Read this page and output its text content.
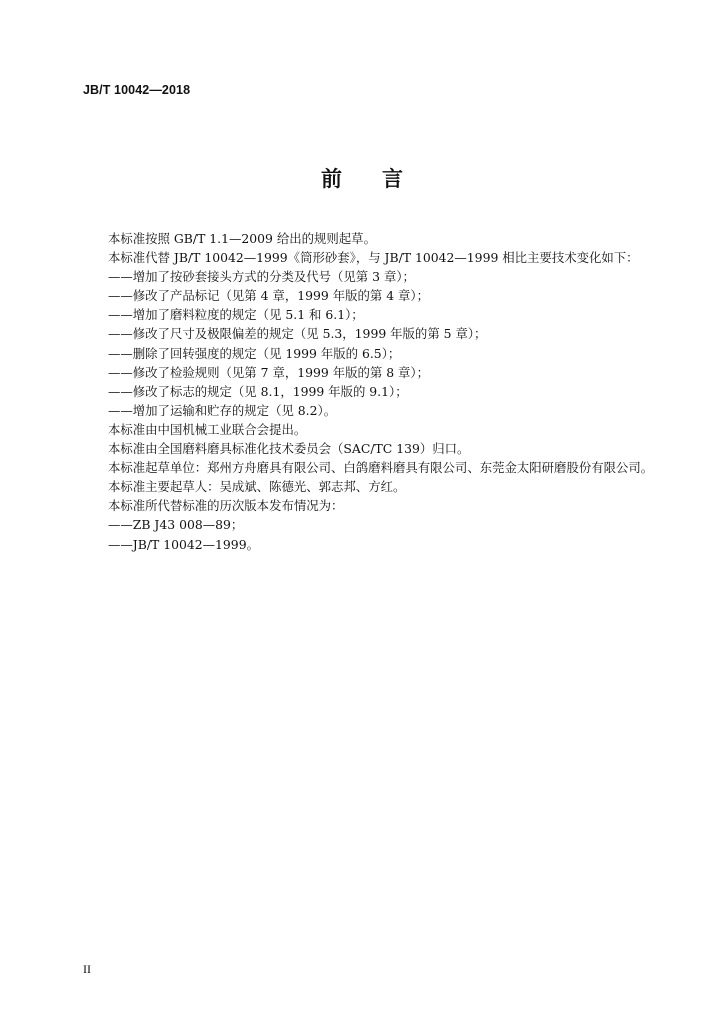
JB/T 10042—2018
前 言
本标准按照 GB/T 1.1—2009 给出的规则起草。
本标准代替 JB/T 10042—1999《筒形砂套》，与 JB/T 10042—1999 相比主要技术变化如下：
——增加了按砂套接头方式的分类及代号（见第 3 章）；
——修改了产品标记（见第 4 章，1999 年版的第 4 章）；
——增加了磨料粒度的规定（见 5.1 和 6.1）；
——修改了尺寸及极限偏差的规定（见 5.3，1999 年版的第 5 章）；
——删除了回转强度的规定（见 1999 年版的 6.5）；
——修改了检验规则（见第 7 章，1999 年版的第 8 章）；
——修改了标志的规定（见 8.1，1999 年版的 9.1）；
——增加了运输和贮存的规定（见 8.2）。
本标准由中国机械工业联合会提出。
本标准由全国磨料磨具标准化技术委员会（SAC/TC 139）归口。
本标准起草单位：郑州方舟磨具有限公司、白鸽磨料磨具有限公司、东莞金太阳研磨股份有限公司。
本标准主要起草人：吴成斌、陈德光、郭志邦、方红。
本标准所代替标准的历次版本发布情况为：
——ZB J43 008—89；
——JB/T 10042—1999。
II
